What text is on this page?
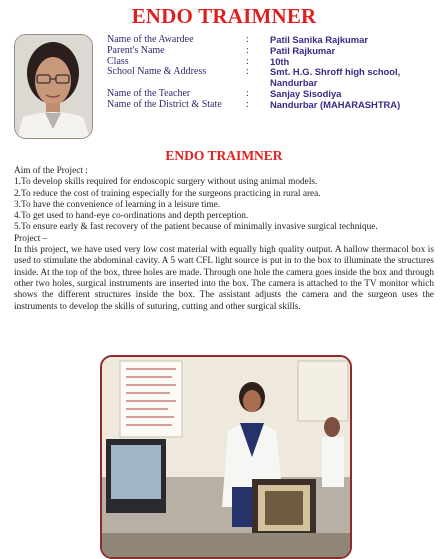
ENDO TRAIMNER
Name of the Awardee	:	Patil Sanika Rajkumar
Parent's Name	:	Patil Rajkumar
Class	:	10th
School Name & Address	:	Smt. H.G. Shroff high school,
Nandurbar
Name of the Teacher	:	Sanjay Sisodiya
Name of the District & State	:	Nandurbar (MAHARASHTRA)
ENDO TRAIMNER

Aim of the Project :

1.To develop skills required for endoscopic surgery without using animal models.

2.To reduce the cost of training especially for the surgeons practicing in rural area.

3.To have the convenience of learning in a leisure time.

4.To get used to hand-eye co-ordinations and depth perception.

5.To ensure early & fast recovery of the patient because of minimally invasive surgical technique.

Project –

In this project, we have used very low cost material with equally high quality output. A hallow thermacol box is used to stimulate the abdominal cavity. A 5 watt CFL light source is put in to the box to illuminate the structures inside. At the top of the box, three holes are made. Through one hole the camera goes inside the box and through other two holes, surgical instruments are inserted into the box. The camera is attached to the TV monitor which shows the different structures inside the box. The assistant adjusts the camera and the surgeon uses the instruments to develop the skills of suturing, cutting and other surgical skills.
